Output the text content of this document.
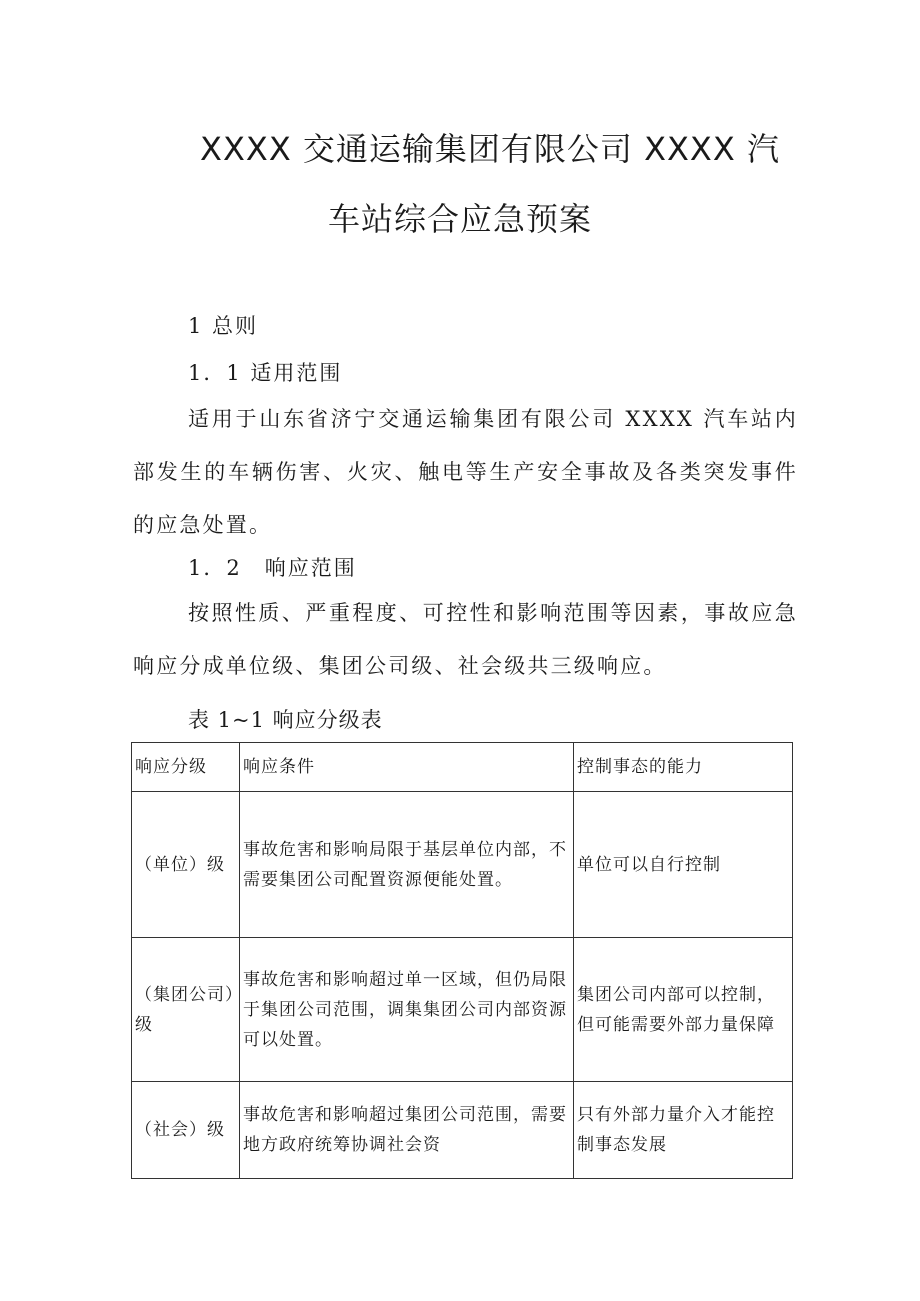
XXXX 交通运输集团有限公司 XXXX 汽
车站综合应急预案
1 总则
1．1 适用范围
适用于山东省济宁交通运输集团有限公司 XXXX 汽车站内部发生的车辆伤害、火灾、触电等生产安全事故及各类突发事件的应急处置。
1．2　响应范围
按照性质、严重程度、可控性和影响范围等因素，事故应急响应分成单位级、集团公司级、社会级共三级响应。
表 1~1 响应分级表
响应分级	响应条件	控制事态的能力
（单位）级	事故危害和影响局限于基层单位内部，不需要集团公司配置资源便能处置。	单位可以自行控制
（集团公司）级	事故危害和影响超过单一区域，但仍局限于集团公司范围，调集集团公司内部资源可以处置。	集团公司内部可以控制，但可能需要外部力量保障
（社会）级	事故危害和影响超过集团公司范围，需要地方政府统筹协调社会资	只有外部力量介入才能控制事态发展
